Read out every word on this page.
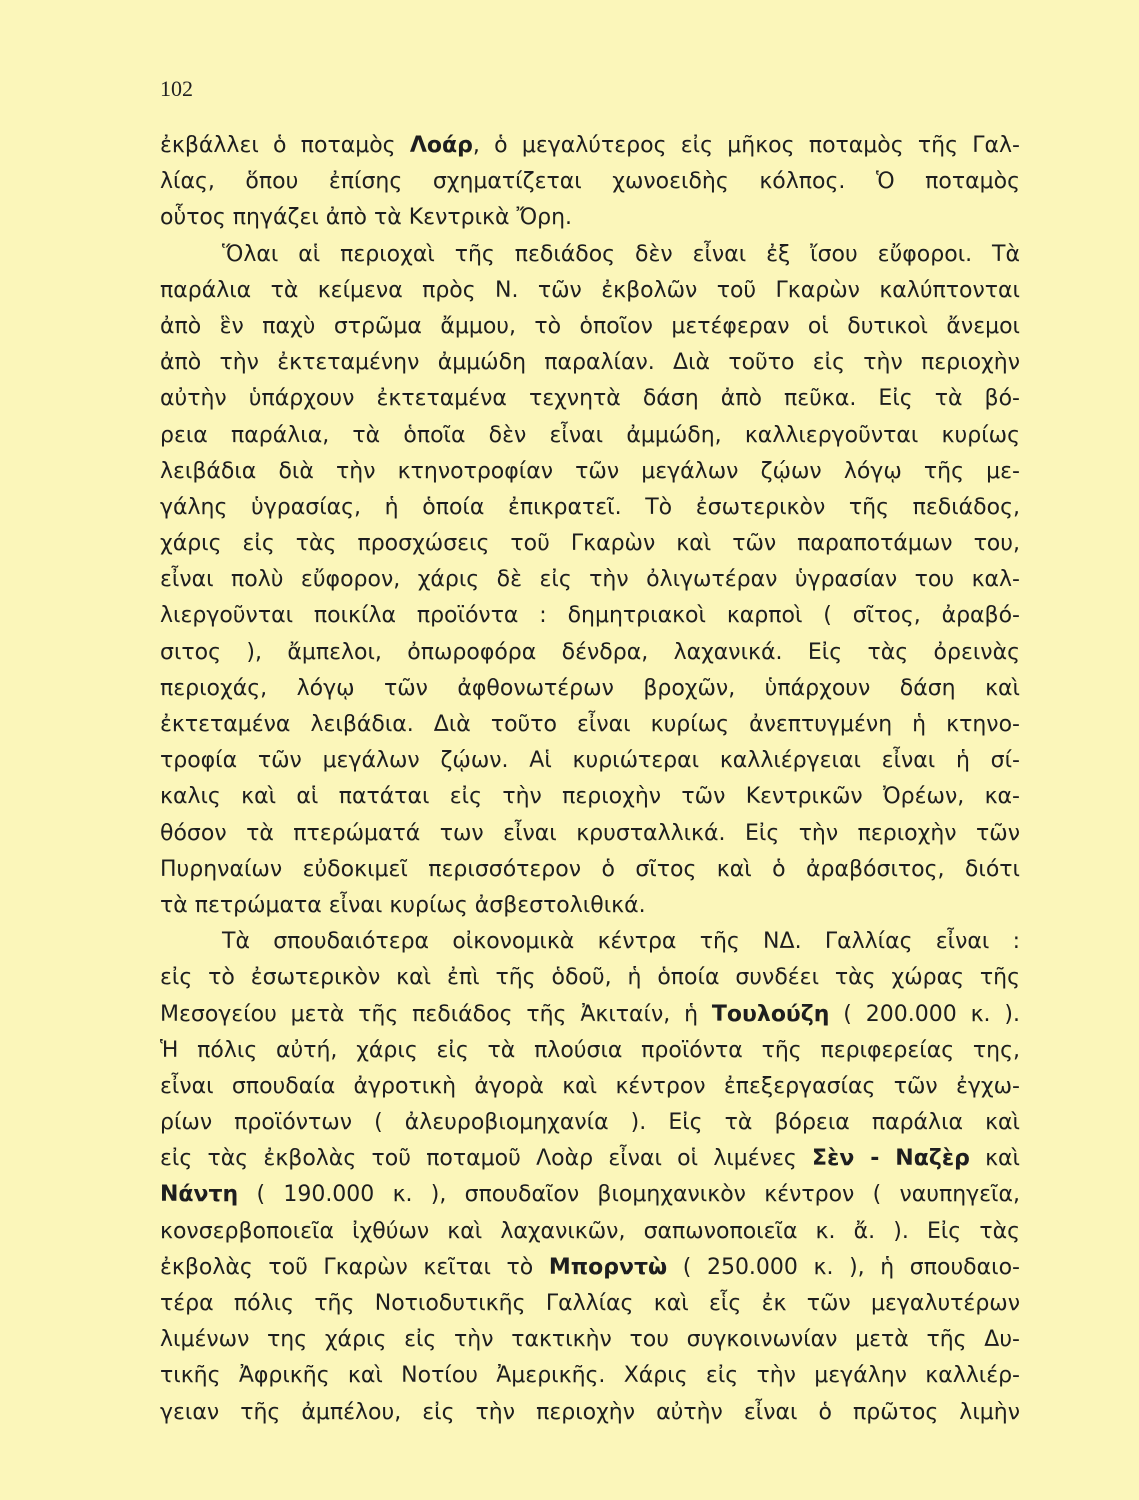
102
ἐκβάλλει ὁ ποταμὸς Λοάρ, ὁ μεγαλύτερος εἰς μῆκος ποταμὸς τῆς Γαλ-
λίας, ὅπου ἐπίσης σχηματίζεται χωνοειδὴς κόλπος. Ὁ ποταμὸς
οὗτος πηγάζει ἀπὸ τὰ Κεντρικὰ Ὄρη.
Ὅλαι αἱ περιοχαὶ τῆς πεδιάδος δὲν εἶναι ἐξ ἴσου εὔφοροι. Τὰ
παράλια τὰ κείμενα πρὸς Ν. τῶν ἐκβολῶν τοῦ Γκαρὼν καλύπτονται
ἀπὸ ἓν παχὺ στρῶμα ἄμμου, τὸ ὁποῖον μετέφεραν οἱ δυτικοὶ ἄνεμοι
ἀπὸ τὴν ἐκτεταμένην ἀμμώδη παραλίαν. Διὰ τοῦτο εἰς τὴν περιοχὴν
αὐτὴν ὑπάρχουν ἐκτεταμένα τεχνητὰ δάση ἀπὸ πεῦκα. Εἰς τὰ βό-
ρεια παράλια, τὰ ὁποῖα δὲν εἶναι ἀμμώδη, καλλιεργοῦνται κυρίως
λειβάδια διὰ τὴν κτηνοτροφίαν τῶν μεγάλων ζῴων λόγῳ τῆς με-
γάλης ὑγρασίας, ἡ ὁποία ἐπικρατεῖ. Τὸ ἐσωτερικὸν τῆς πεδιάδος,
χάρις εἰς τὰς προσχώσεις τοῦ Γκαρὼν καὶ τῶν παραποτάμων του,
εἶναι πολὺ εὔφορον, χάρις δὲ εἰς τὴν ὀλιγωτέραν ὑγρασίαν του καλ-
λιεργοῦνται ποικίλα προϊόντα : δημητριακοὶ καρποὶ ( σῖτος, ἀραβό-
σιτος ), ἄμπελοι, ὀπωροφόρα δένδρα, λαχανικά. Εἰς τὰς ὀρεινὰς
περιοχάς, λόγῳ τῶν ἀφθονωτέρων βροχῶν, ὑπάρχουν δάση καὶ
ἐκτεταμένα λειβάδια. Διὰ τοῦτο εἶναι κυρίως ἀνεπτυγμένη ἡ κτηνο-
τροφία τῶν μεγάλων ζῴων. Αἱ κυριώτεραι καλλιέργειαι εἶναι ἡ σί-
καλις καὶ αἱ πατάται εἰς τὴν περιοχὴν τῶν Κεντρικῶν Ὀρέων, κα-
θόσον τὰ πτερώματά των εἶναι κρυσταλλικά. Εἰς τὴν περιοχὴν τῶν
Πυρηναίων εὐδοκιμεῖ περισσότερον ὁ σῖτος καὶ ὁ ἀραβόσιτος, διότι
τὰ πετρώματα εἶναι κυρίως ἀσβεστολιθικά.
Τὰ σπουδαιότερα οἰκονομικὰ κέντρα τῆς ΝΔ. Γαλλίας εἶναι :
εἰς τὸ ἐσωτερικὸν καὶ ἐπὶ τῆς ὁδοῦ, ἡ ὁποία συνδέει τὰς χώρας τῆς
Μεσογείου μετὰ τῆς πεδιάδος τῆς Ἀκιταίν, ἡ Τουλούζη ( 200.000 κ. ).
Ἡ πόλις αὐτή, χάρις εἰς τὰ πλούσια προϊόντα τῆς περιφερείας της,
εἶναι σπουδαία ἀγροτικὴ ἀγορὰ καὶ κέντρον ἐπεξεργασίας τῶν ἐγχω-
ρίων προϊόντων ( ἀλευροβιομηχανία ). Εἰς τὰ βόρεια παράλια καὶ
εἰς τὰς ἐκβολὰς τοῦ ποταμοῦ Λοὰρ εἶναι οἱ λιμένες Σὲν - Ναζὲρ καὶ
Νάντη ( 190.000 κ. ), σπουδαῖον βιομηχανικὸν κέντρον ( ναυπηγεῖα,
κονσερβοποιεῖα ἰχθύων καὶ λαχανικῶν, σαπωνοποιεῖα κ. ἄ. ). Εἰς τὰς
ἐκβολὰς τοῦ Γκαρὼν κεῖται τὸ Μπορντὼ ( 250.000 κ. ), ἡ σπουδαιο-
τέρα πόλις τῆς Νοτιοδυτικῆς Γαλλίας καὶ εἷς ἐκ τῶν μεγαλυτέρων
λιμένων της χάρις εἰς τὴν τακτικὴν του συγκοινωνίαν μετὰ τῆς Δυ-
τικῆς Ἀφρικῆς καὶ Νοτίου Ἀμερικῆς. Χάρις εἰς τὴν μεγάλην καλλιέρ-
γειαν τῆς ἀμπέλου, εἰς τὴν περιοχὴν αὐτὴν εἶναι ὁ πρῶτος λιμὴν
